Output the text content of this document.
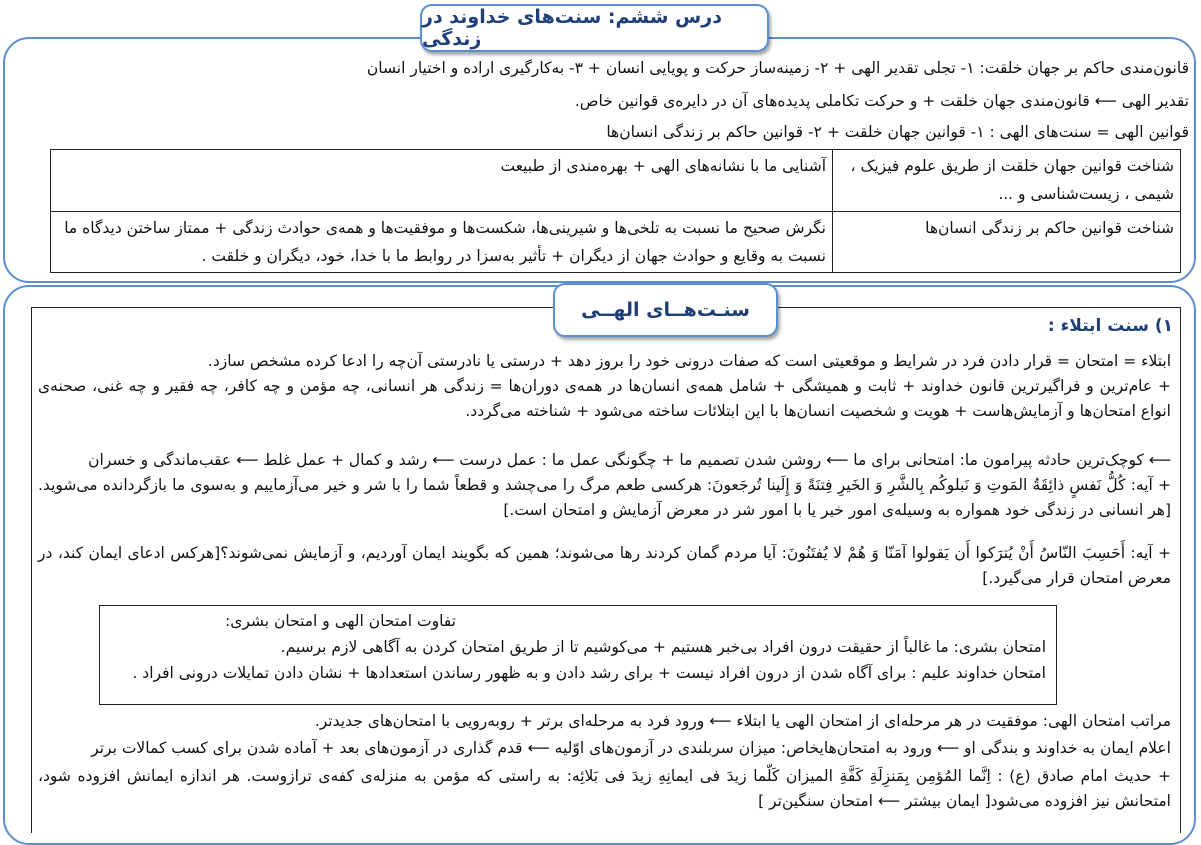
درس ششم: سنت‌های خداوند در زندگی
قانون‌مندی حاکم بر جهان خلقت: ۱- تجلی تقدیر الهی + ۲- زمینه‌ساز حرکت و پویایی انسان + ۳- به‌کارگیری اراده و اختیار انسان
تقدیر الهی ⟵ قانون‌مندی جهان خلقت + و حرکت تکاملی پدیده‌های آن در دایره‌ی قوانین خاص.
قوانین الهی = سنت‌های الهی : ۱- قوانین جهان خلقت + ۲- قوانین حاکم بر زندگی انسان‌ها
شناخت قوانین جهان خلقت از طریق علوم فیزیک ، شیمی ، زیست‌شناسی و ...	آشنایی ما با نشانه‌های الهی + بهره‌مندی از طبیعت
شناخت قوانین حاکم بر زندگی انسان‌ها	نگرش صحیح ما نسبت به تلخی‌ها و شیرینی‌ها، شکست‌ها و موفقیت‌ها و همه‌ی حوادث زندگی + ممتاز ساختن دیدگاه ما نسبت به وقایع و حوادث جهان از دیگران + تأثیر به‌سزا در روابط ما با خدا، خود، دیگران و خلقت .
سنـت‌هــای الهــی
۱) سنت ابتلاء :
ابتلاء = امتحان = قرار دادن فرد در شرایط و موقعیتی است که صفات درونی خود را بروز دهد + درستی یا نادرستی آن‌چه را ادعا کرده مشخص سازد.
+ عام‌ترین و فراگیرترین قانون خداوند + ثابت و همیشگی + شامل همه‌ی انسان‌ها در همه‌ی دوران‌ها = زندگی هر انسانی، چه مؤمن و چه کافر، چه فقیر و چه غنی، صحنه‌ی انواع امتحان‌ها و آزمایش‌هاست + هویت و شخصیت انسان‌ها با این ابتلائات ساخته می‌شود + شناخته می‌گردد.
⟵ کوچک‌ترین حادثه پیرامون ما: امتحانی برای ما ⟵ روشن شدن تصمیم ما + چگونگی عمل ما : عمل درست ⟵ رشد و کمال + عمل غلط ⟵ عقب‌ماندگی و خسران
+ آیه: کُلُّ نَفسٍ ذائِقَةُ المَوتِ وَ نَبلوکُم بِالشَّرِ وَ الخَیرِ فِتنَةً وَ إِلَینا تُرجَعونَ: هرکسی طعم مرگ را می‌چشد و قطعاً شما را با شر و خیر می‌آزماییم و به‌سوی ما بازگردانده می‌شوید.[هر انسانی در زندگی خود همواره به وسیله‌ی امور خیر یا با امور شر در معرض آزمایش و امتحان است.]
+ آیه: أَحَسِبَ النّاسُ أَنْ یُترَکوا أَن یَقولوا آمَنّا وَ هُمْ لا یُفتَنُونَ: آیا مردم گمان کردند رها می‌شوند؛ همین که بگویند ایمان آوردیم، و آزمایش نمی‌شوند؟[هرکس ادعای ایمان کند، در معرض امتحان قرار می‌گیرد.]
تفاوت امتحان الهی و امتحان بشری:
امتحان بشری: ما غالباً از حقیقت درون افراد بی‌خبر هستیم + می‌کوشیم تا از طریق امتحان کردن به آگاهی لازم برسیم.
امتحان خداوند علیم : برای آگاه شدن از درون افراد نیست + برای رشد دادن و به ظهور رساندن استعدادها + نشان دادن تمایلات درونی افراد .
مراتب امتحان الهی: موفقیت در هر مرحله‌ای از امتحان الهی یا ابتلاء ⟵ ورود فرد به مرحله‌ای برتر + روبه‌رویی با امتحان‌های جدیدتر.
اعلام ایمان به خداوند و بندگی او ⟵ ورود به امتحان‌هایخاص: میزان سربلندی در آزمون‌های اوّلیه ⟵ قدم گذاری در آزمون‌های بعد + آماده شدن برای کسب کمالات برتر
+ حدیث امام صادق (ع) : اِنَّما المُؤمِن بِمَنزِلَةِ کَفَّةِ المیزان کَلّما زیدَ فی ایمانِهِ زیدَ فی بَلائِه: به راستی که مؤمن به منزله‌ی کفه‌ی ترازوست. هر اندازه ایمانش افزوده شود، امتحانش نیز افزوده می‌شود[ ایمان بیشتر ⟵ امتحان سنگین‌تر ]
